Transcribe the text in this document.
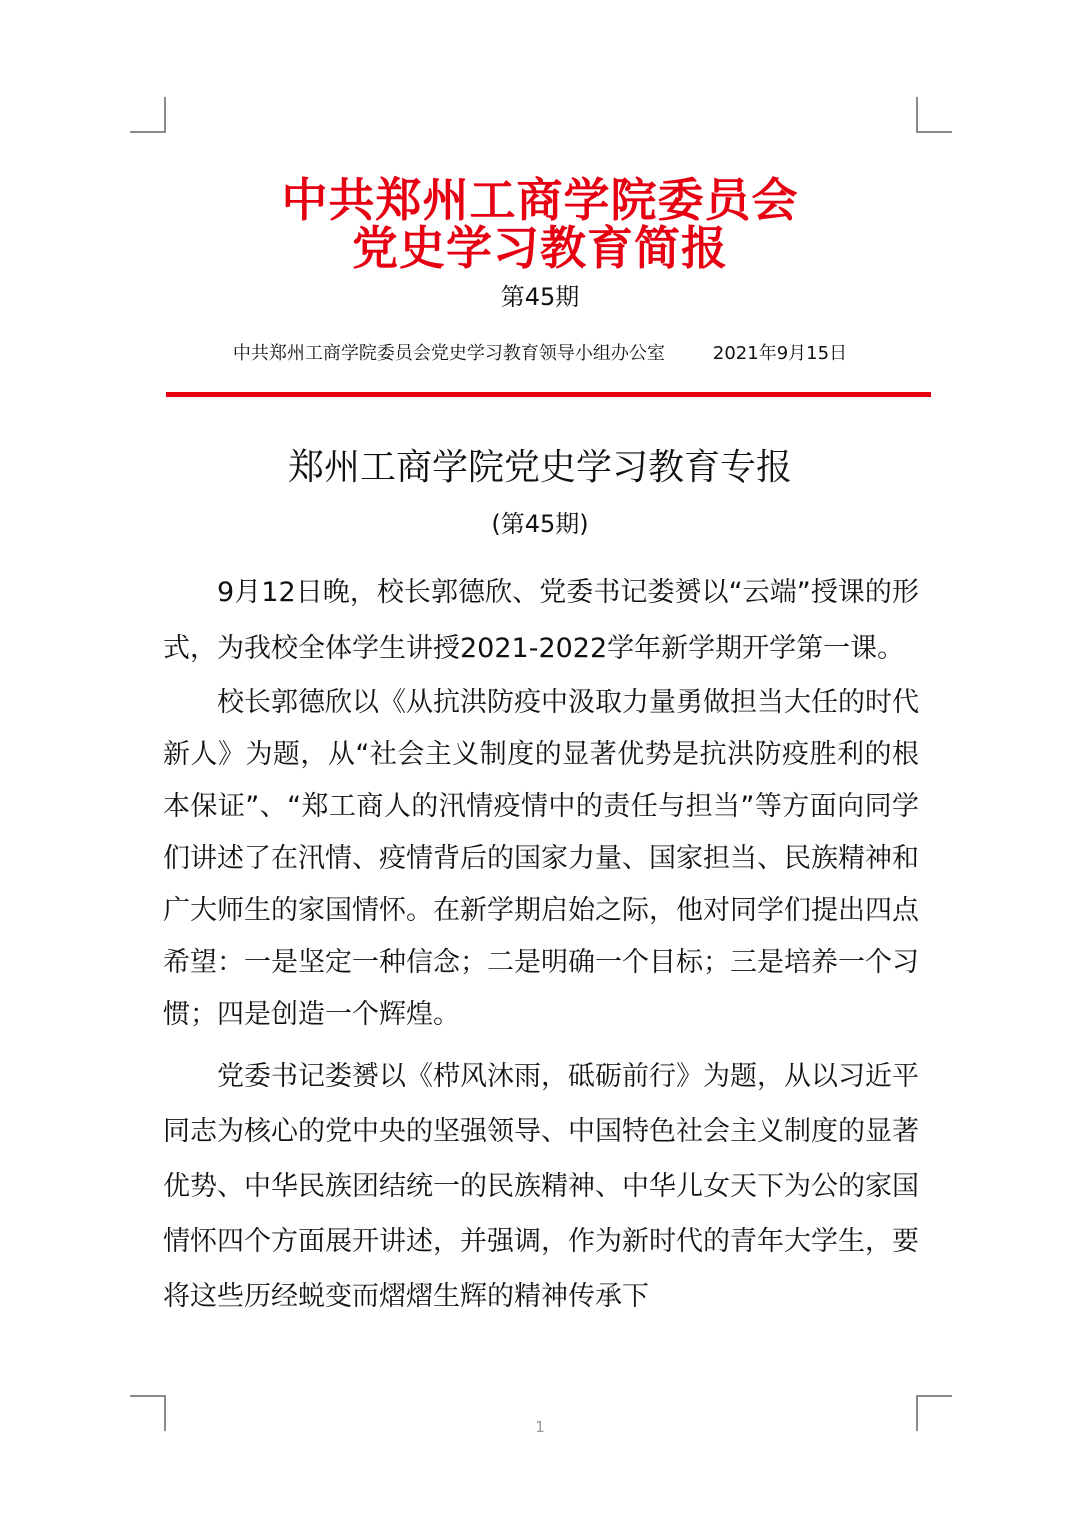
中共郑州工商学院委员会
党史学习教育简报
第45期
中共郑州工商学院委员会党史学习教育领导小组办公室	2021年9月15日
郑州工商学院党史学习教育专报
(第45期)

9月12日晚，校长郭德欣、党委书记娄赟以“云端”授课的形式，为我校全体学生讲授2021-2022学年新学期开学第一课。

校长郭德欣以《从抗洪防疫中汲取力量勇做担当大任的时代新人》为题，从“社会主义制度的显著优势是抗洪防疫胜利的根本保证”、“郑工商人的汛情疫情中的责任与担当”等方面向同学们讲述了在汛情、疫情背后的国家力量、国家担当、民族精神和广大师生的家国情怀。在新学期启始之际，他对同学们提出四点希望：一是坚定一种信念；二是明确一个目标；三是培养一个习惯；四是创造一个辉煌。

党委书记娄赟以《栉风沐雨，砥砺前行》为题，从以习近平同志为核心的党中央的坚强领导、中国特色社会主义制度的显著优势、中华民族团结统一的民族精神、中华儿女天下为公的家国情怀四个方面展开讲述，并强调，作为新时代的青年大学生，要将这些历经蜕变而熠熠生辉的精神传承下

1
